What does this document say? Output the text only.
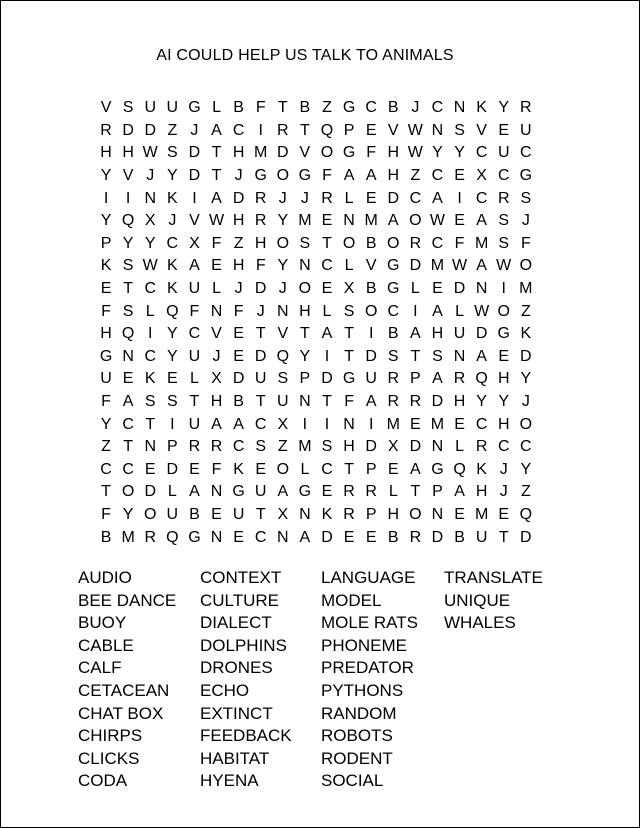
AI COULD HELP US TALK TO ANIMALS
V S U U G L B F T B Z G C B J C N K Y R
R D D Z J A C I R T Q P E V W N S V E U
H H W S D T H M D V O G F H W Y Y C U C
Y V J Y D T J G O G F A A H Z C E X C G
I	I N K I A D R J J R L E D C A I C R S
Y Q X J V W H R Y M E N M A O W E A S J
P Y Y C X F Z H O S T O B O R C F M S F
K S W K A E H F Y N C L V G D M W A W O
E T C K U L J D J O E X B G L E D N I M
F S L Q F N F J N H L S O C I A L W O Z
H Q I Y C V E T V T A T I B A H U D G K
G N C Y U J E D Q Y I T D S T S N A E D
U E K E L X D U S P D G U R P A R Q H Y
F A S S T H B T U N T F A R R D H Y Y J
Y C T I U A A C X I	I N I M E M E C H O
Z T N P R R C S Z M S H D X D N L R C C
C C E D E F K E O L C T P E A G Q K J Y
T O D L A N G U A G E R R L T P A H J Z
F Y O U B E U T X N K R P H O N E M E Q
B M R Q G N E C N A D E E B R D B U T D
AUDIO
BEE DANCE
BUOY
CABLE
CALF
CETACEAN
CHAT BOX
CHIRPS
CLICKS
CODA
CONTEXT
CULTURE
DIALECT
DOLPHINS
DRONES
ECHO
EXTINCT
FEEDBACK
HABITAT
HYENA
LANGUAGE
MODEL
MOLE RATS
PHONEME
PREDATOR
PYTHONS
RANDOM
ROBOTS
RODENT
SOCIAL
TRANSLATE
UNIQUE
WHALES
